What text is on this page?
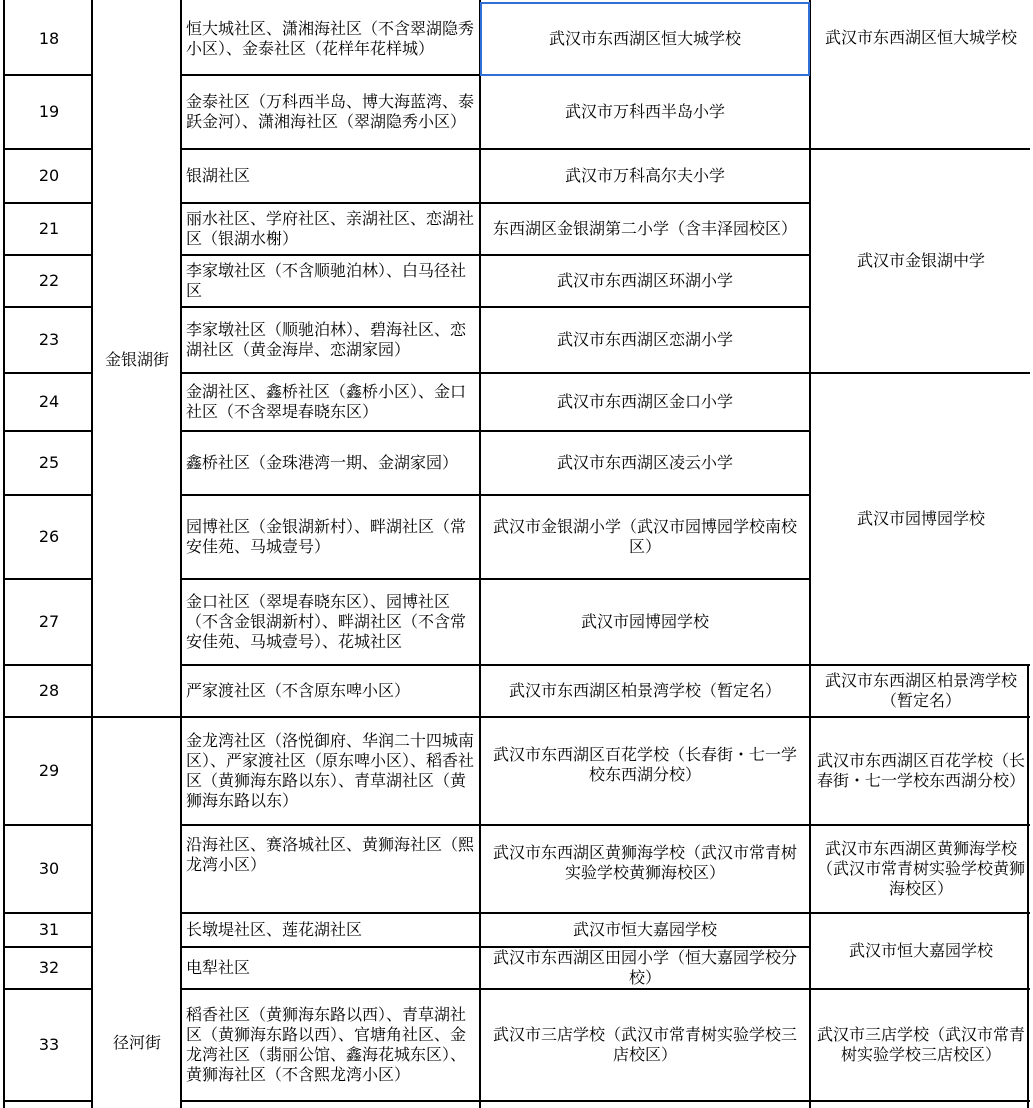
18
19
20
21
22
23
24
25
26
27
28
29
30
31
32
33
金银湖街
径河街
恒大城社区、潇湘海社区（不含翠湖隐秀小区）、金泰社区（花样年花样城）
金泰社区（万科西半岛、博大海蓝湾、泰跃金河）、潇湘海社区（翠湖隐秀小区）
银湖社区
丽水社区、学府社区、亲湖社区、恋湖社区（银湖水榭）
李家墩社区（不含顺驰泊林）、白马径社区
李家墩社区（顺驰泊林）、碧海社区、恋湖社区（黄金海岸、恋湖家园）
金湖社区、鑫桥社区（鑫桥小区）、金口社区（不含翠堤春晓东区）
鑫桥社区（金珠港湾一期、金湖家园）
园博社区（金银湖新村）、畔湖社区（常安佳苑、马城壹号）
金口社区（翠堤春晓东区）、园博社区（不含金银湖新村）、畔湖社区（不含常安佳苑、马城壹号）、花城社区
严家渡社区（不含原东啤小区）
金龙湾社区（洛悦御府、华润二十四城南区）、严家渡社区（原东啤小区）、稻香社区（黄狮海东路以东）、青草湖社区（黄狮海东路以东）
沿海社区、赛洛城社区、黄狮海社区（熙龙湾小区）
长墩堤社区、莲花湖社区
电犁社区
稻香社区（黄狮海东路以西）、青草湖社区（黄狮海东路以西）、官塘角社区、金龙湾社区（翡丽公馆、鑫海花城东区）、黄狮海社区（不含熙龙湾小区）
武汉市东西湖区恒大城学校
武汉市万科西半岛小学
武汉市万科高尔夫小学
东西湖区金银湖第二小学（含丰泽园校区）
武汉市东西湖区环湖小学
武汉市东西湖区恋湖小学
武汉市东西湖区金口小学
武汉市东西湖区凌云小学
武汉市金银湖小学（武汉市园博园学校南校区）
武汉市园博园学校
武汉市东西湖区柏景湾学校（暂定名）
武汉市东西湖区百花学校（长春街・七一学校东西湖分校）
武汉市东西湖区黄狮海学校（武汉市常青树实验学校黄狮海校区）
武汉市恒大嘉园学校
武汉市东西湖区田园小学（恒大嘉园学校分校）
武汉市三店学校（武汉市常青树实验学校三店校区）
武汉市东西湖区恒大城学校
武汉市金银湖中学
武汉市园博园学校
武汉市东西湖区柏景湾学校（暂定名）
武汉市东西湖区百花学校（长春街・七一学校东西湖分校）
武汉市东西湖区黄狮海学校（武汉市常青树实验学校黄狮海校区）
武汉市恒大嘉园学校
武汉市三店学校（武汉市常青树实验学校三店校区）
